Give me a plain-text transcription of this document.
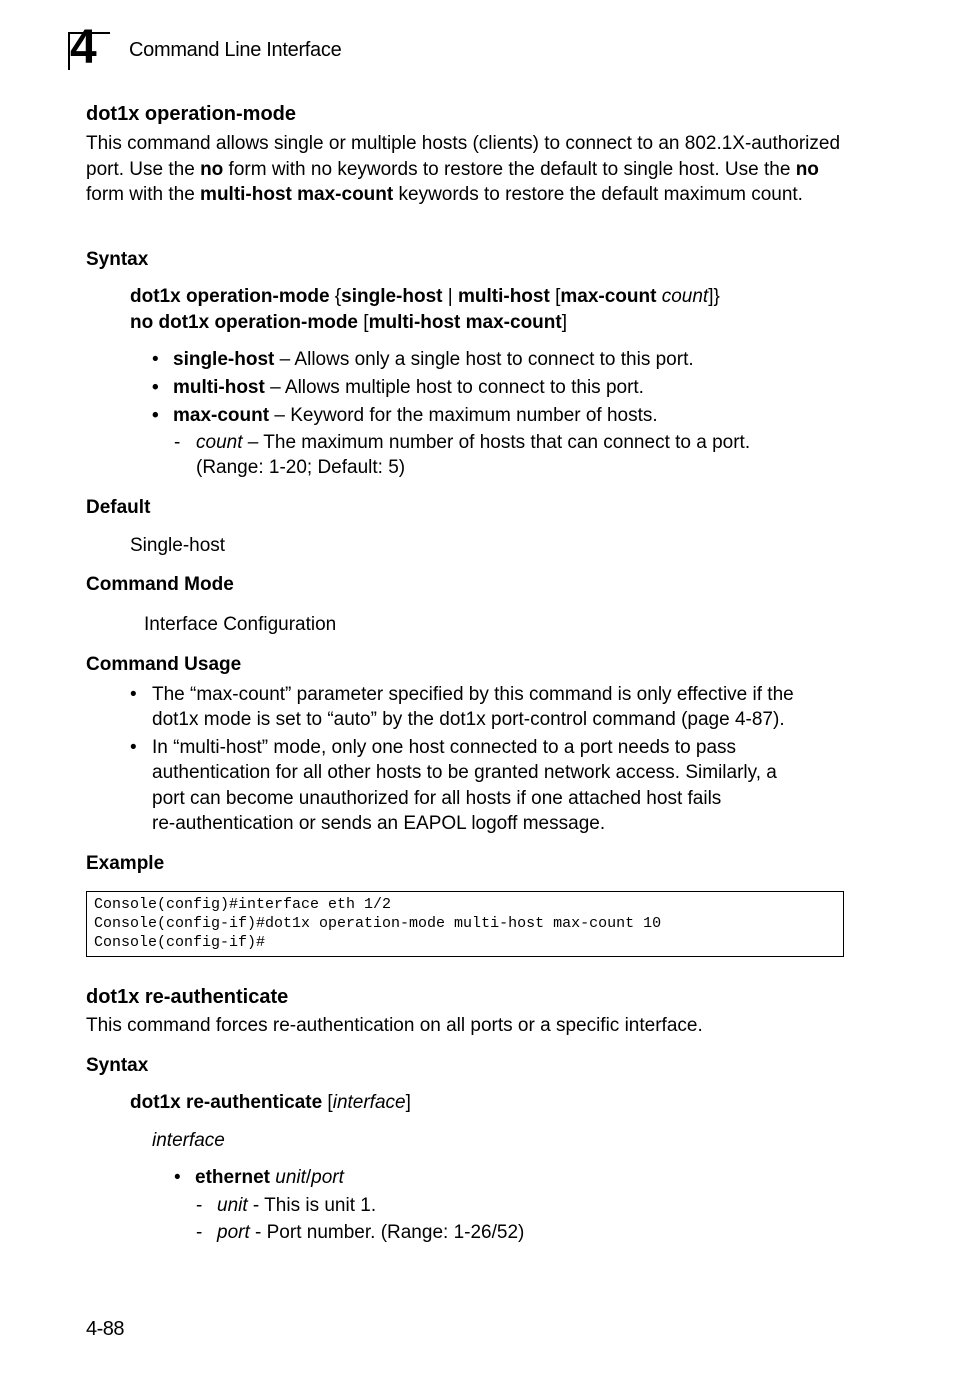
4 Command Line Interface
dot1x operation-mode
This command allows single or multiple hosts (clients) to connect to an 802.1X-authorized port. Use the no form with no keywords to restore the default to single host. Use the no form with the multi-host max-count keywords to restore the default maximum count.
Syntax
dot1x operation-mode {single-host | multi-host [max-count count]}
no dot1x operation-mode [multi-host max-count]
• single-host – Allows only a single host to connect to this port.
• multi-host – Allows multiple host to connect to this port.
• max-count – Keyword for the maximum number of hosts.
- count – The maximum number of hosts that can connect to a port.
(Range: 1-20; Default: 5)
Default
Single-host
Command Mode
Interface Configuration
Command Usage
• The “max-count” parameter specified by this command is only effective if the
dot1x mode is set to “auto” by the dot1x port-control command (page 4-87).
• In “multi-host” mode, only one host connected to a port needs to pass
authentication for all other hosts to be granted network access. Similarly, a
port can become unauthorized for all hosts if one attached host fails
re-authentication or sends an EAPOL logoff message.
Example
Console(config)#interface eth 1/2
Console(config-if)#dot1x operation-mode multi-host max-count 10
Console(config-if)#
dot1x re-authenticate
This command forces re-authentication on all ports or a specific interface.
Syntax
dot1x re-authenticate [interface]
interface
• ethernet unit/port
- unit - This is unit 1.
- port - Port number. (Range: 1-26/52)
4-88
